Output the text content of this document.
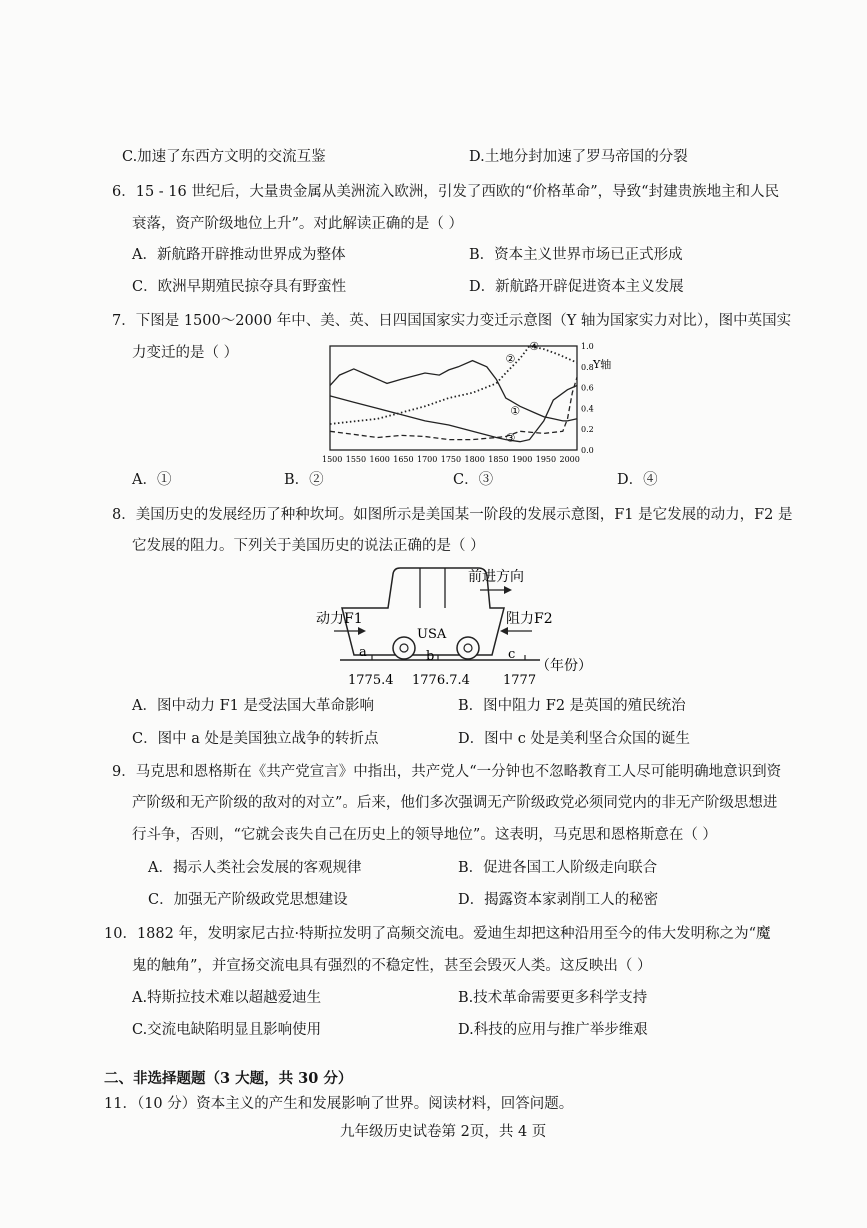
C.加速了东西方文明的交流互鉴	D.土地分封加速了罗马帝国的分裂
6．15 - 16 世纪后，大量贵金属从美洲流入欧洲，引发了西欧的“价格革命”，导致“封建贵族地主和人民
衰落，资产阶级地位上升”。对此解读正确的是（ ）
A．新航路开辟推动世界成为整体	B．资本主义世界市场已正式形成
C．欧洲早期殖民掠夺具有野蛮性	D．新航路开辟促进资本主义发展
7．下图是 1500～2000 年中、美、英、日四国国家实力变迁示意图（Y 轴为国家实力对比），图中英国实
力变迁的是（ ）
1500 1550 1600 1650 1700 1750 1800 1850 1900 1950 2000
1.0
0.8
0.6
0.4
0.2
0.0
①
②
③
④
Y轴
A．①	B．②	C．③	D．④
8．美国历史的发展经历了种种坎坷。如图所示是美国某一阶段的发展示意图，F1 是它发展的动力，F2 是
它发展的阻力。下列关于美国历史的说法正确的是（ ）
USA
a	b	c
前进方向
动力F1	阻力F2
1775.4 1776.7.4	1777
（年份）
A．图中动力 F1 是受法国大革命影响	B．图中阻力 F2 是英国的殖民统治
C．图中 a 处是美国独立战争的转折点	D．图中 c 处是美利坚合众国的诞生
9．马克思和恩格斯在《共产党宣言》中指出，共产党人“一分钟也不忽略教育工人尽可能明确地意识到资
产阶级和无产阶级的敌对的对立”。后来，他们多次强调无产阶级政党必须同党内的非无产阶级思想进
行斗争，否则，“它就会丧失自己在历史上的领导地位”。这表明，马克思和恩格斯意在（ ）
A．揭示人类社会发展的客观规律	B．促进各国工人阶级走向联合
C．加强无产阶级政党思想建设	D．揭露资本家剥削工人的秘密
10．1882 年，发明家尼古拉·特斯拉发明了高频交流电。爱迪生却把这种沿用至今的伟大发明称之为“魔
鬼的触角”，并宣扬交流电具有强烈的不稳定性，甚至会毁灭人类。这反映出（ ）
A.特斯拉技术难以超越爱迪生	B.技术革命需要更多科学支持
C.交流电缺陷明显且影响使用	D.科技的应用与推广举步维艰
二、非选择题题（3 大题，共 30 分）
11．（10 分）资本主义的产生和发展影响了世界。阅读材料，回答问题。
九年级历史试卷第 2页，共 4 页
